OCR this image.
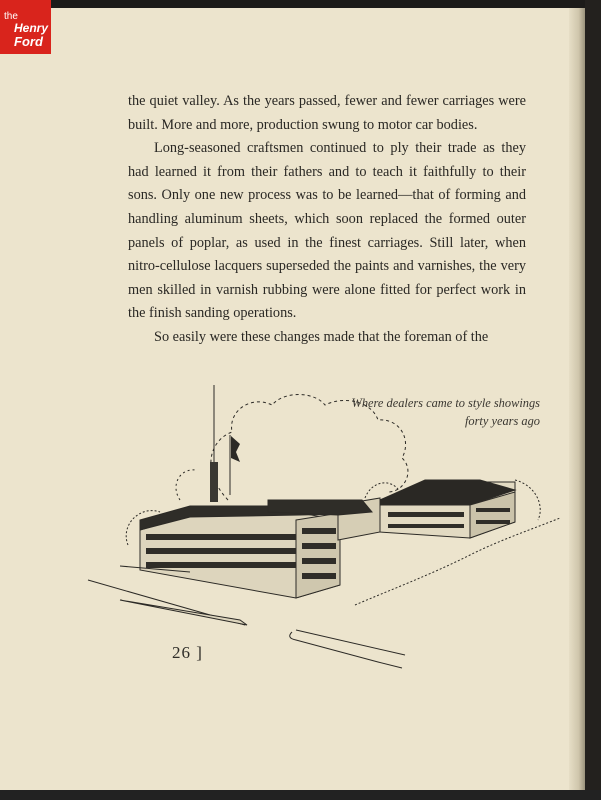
the
Henry
Ford

the quiet valley. As the years passed, fewer and fewer carriages were built. More and more, production swung to motor car bodies.

Long-seasoned craftsmen continued to ply their trade as they had learned it from their fathers and to teach it faithfully to their sons. Only one new process was to be learned—that of forming and handling aluminum sheets, which soon replaced the formed outer panels of poplar, as used in the finest carriages. Still later, when nitro-cellulose lacquers superseded the paints and varnishes, the very men skilled in varnish rubbing were alone fitted for perfect work in the finish sanding operations.

So easily were these changes made that the foreman of the

Where dealers came to style showings
forty years ago
26 ]
